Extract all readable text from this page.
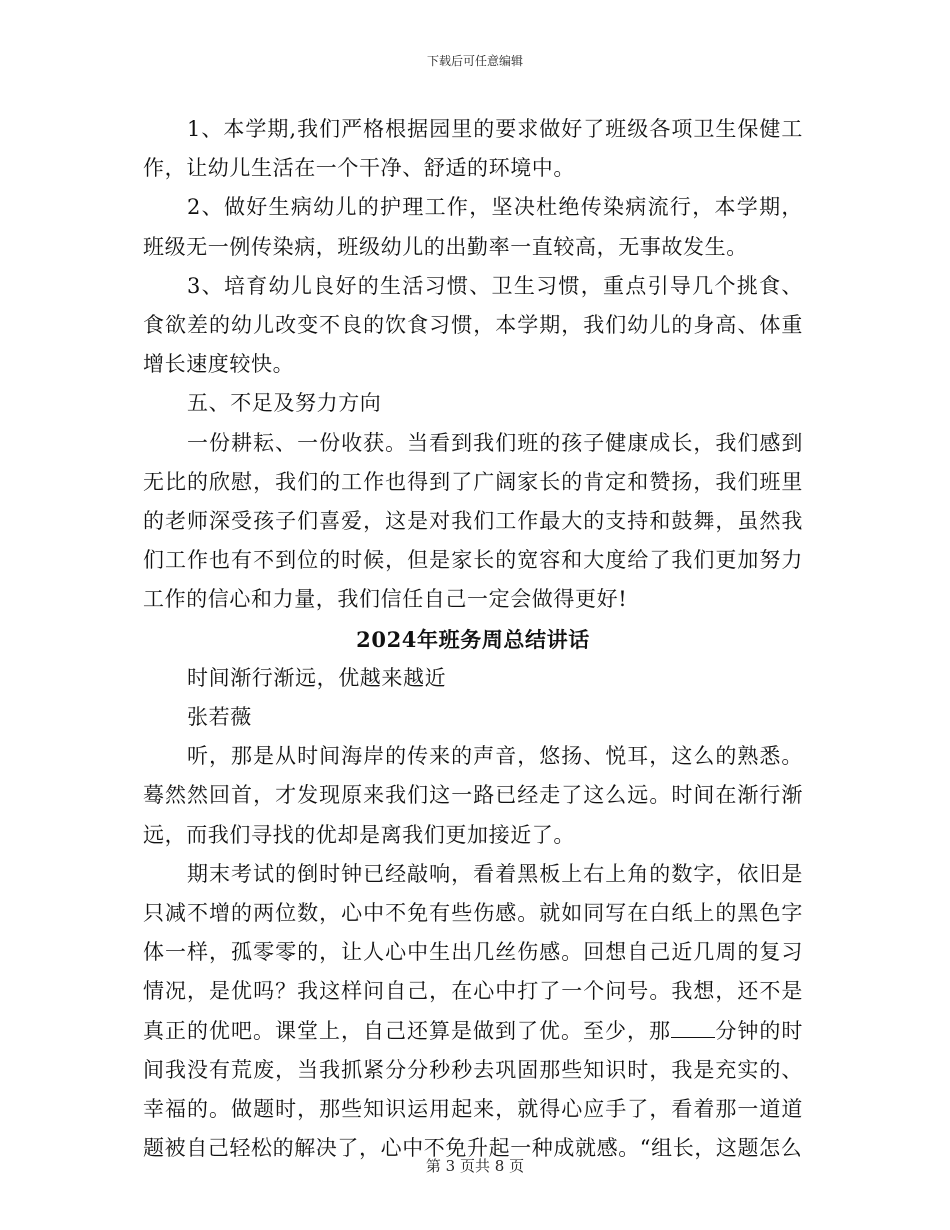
下载后可任意编辑

1、本学期,我们严格根据园里的要求做好了班级各项卫生保健工作，让幼儿生活在一个干净、舒适的环境中。

2、做好生病幼儿的护理工作，坚决杜绝传染病流行，本学期，班级无一例传染病，班级幼儿的出勤率一直较高，无事故发生。

3、培育幼儿良好的生活习惯、卫生习惯，重点引导几个挑食、食欲差的幼儿改变不良的饮食习惯，本学期，我们幼儿的身高、体重增长速度较快。

五、不足及努力方向

一份耕耘、一份收获。当看到我们班的孩子健康成长，我们感到无比的欣慰，我们的工作也得到了广阔家长的肯定和赞扬，我们班里的老师深受孩子们喜爱，这是对我们工作最大的支持和鼓舞，虽然我们工作也有不到位的时候，但是家长的宽容和大度给了我们更加努力工作的信心和力量，我们信任自己一定会做得更好!

2024年班务周总结讲话

时间渐行渐远，优越来越近

张若薇

听，那是从时间海岸的传来的声音，悠扬、悦耳，这么的熟悉。蓦然然回首，才发现原来我们这一路已经走了这么远。时间在渐行渐远，而我们寻找的优却是离我们更加接近了。

期末考试的倒时钟已经敲响，看着黑板上右上角的数字，依旧是只减不增的两位数，心中不免有些伤感。就如同写在白纸上的黑色字体一样，孤零零的，让人心中生出几丝伤感。回想自己近几周的复习情况，是优吗？我这样问自己，在心中打了一个问号。我想，还不是真正的优吧。课堂上，自己还算是做到了优。至少，那 分钟的时间我没有荒废，当我抓紧分分秒秒去巩固那些知识时，我是充实的、幸福的。做题时，那些知识运用起来，就得心应手了，看着那一道道题被自己轻松的解决了，心中不免升起一种成就感。“组长，这题怎么

第 3 页共 8 页
